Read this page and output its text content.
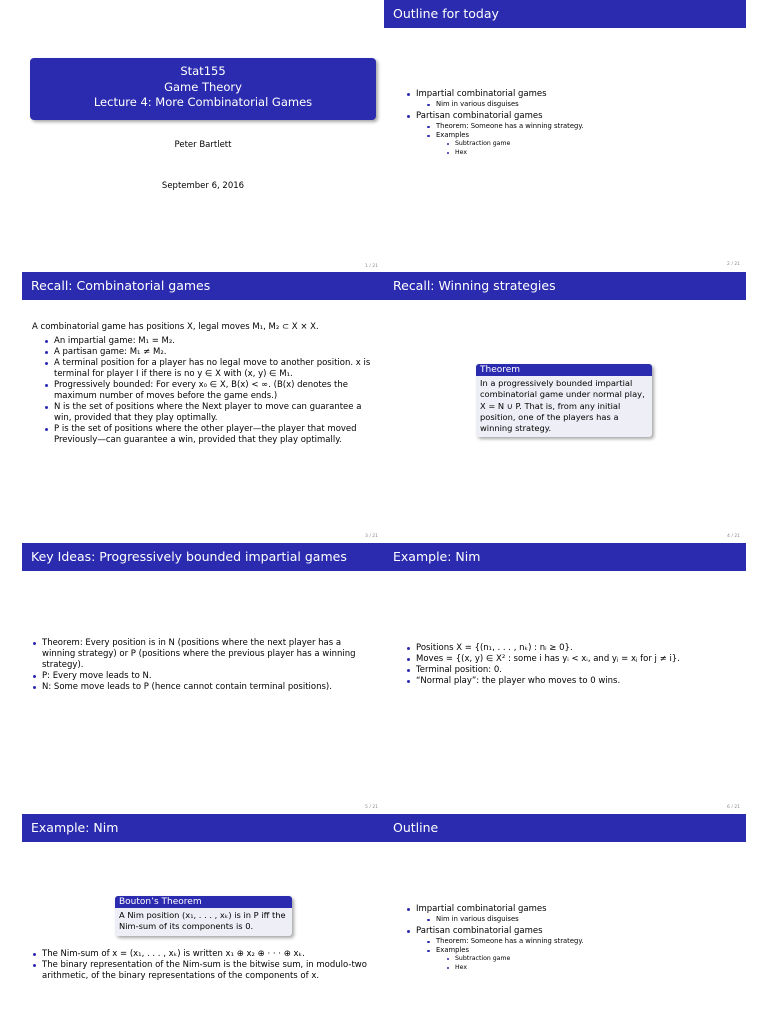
Stat155
Game Theory
Lecture 4: More Combinatorial Games
Peter Bartlett
September 6, 2016
1 / 21
Outline for today
Impartial combinatorial games
Nim in various disguises
Partisan combinatorial games
Theorem: Someone has a winning strategy.
Examples
Subtraction game
Hex
2 / 21
Recall: Combinatorial games
A combinatorial game has positions X, legal moves M₁, M₂ ⊂ X × X.
An impartial game: M₁ = M₂.
A partisan game: M₁ ≠ M₂.
A terminal position for a player has no legal move to another position. x is terminal for player I if there is no y ∈ X with (x, y) ∈ M₁.
Progressively bounded: For every x₀ ∈ X, B(x) < ∞. (B(x) denotes the maximum number of moves before the game ends.)
N is the set of positions where the Next player to move can guarantee a win, provided that they play optimally.
P is the set of positions where the other player—the player that moved Previously—can guarantee a win, provided that they play optimally.
3 / 21
Recall: Winning strategies
Theorem
In a progressively bounded impartial combinatorial game under normal play, X = N ∪ P. That is, from any initial position, one of the players has a winning strategy.
4 / 21
Key Ideas: Progressively bounded impartial games
Theorem: Every position is in N (positions where the next player has a winning strategy) or P (positions where the previous player has a winning strategy).
P: Every move leads to N.
N: Some move leads to P (hence cannot contain terminal positions).
5 / 21
Example: Nim
Positions X = {(n₁, . . . , nₖ) : nᵢ ≥ 0}.
Moves = {(x, y) ∈ X² : some i has yᵢ < xᵢ, and yⱼ = xⱼ for j ≠ i}.
Terminal position: 0.
“Normal play”: the player who moves to 0 wins.
6 / 21
Example: Nim
Bouton’s Theorem
A Nim position (x₁, . . . , xₖ) is in P iff the Nim-sum of its components is 0.
The Nim-sum of x = (x₁, . . . , xₖ) is written x₁ ⊕ x₂ ⊕ · · · ⊕ xₖ.
The binary representation of the Nim-sum is the bitwise sum, in modulo-two arithmetic, of the binary representations of the components of x.
Outline
Impartial combinatorial games
Nim in various disguises
Partisan combinatorial games
Theorem: Someone has a winning strategy.
Examples
Subtraction game
Hex
